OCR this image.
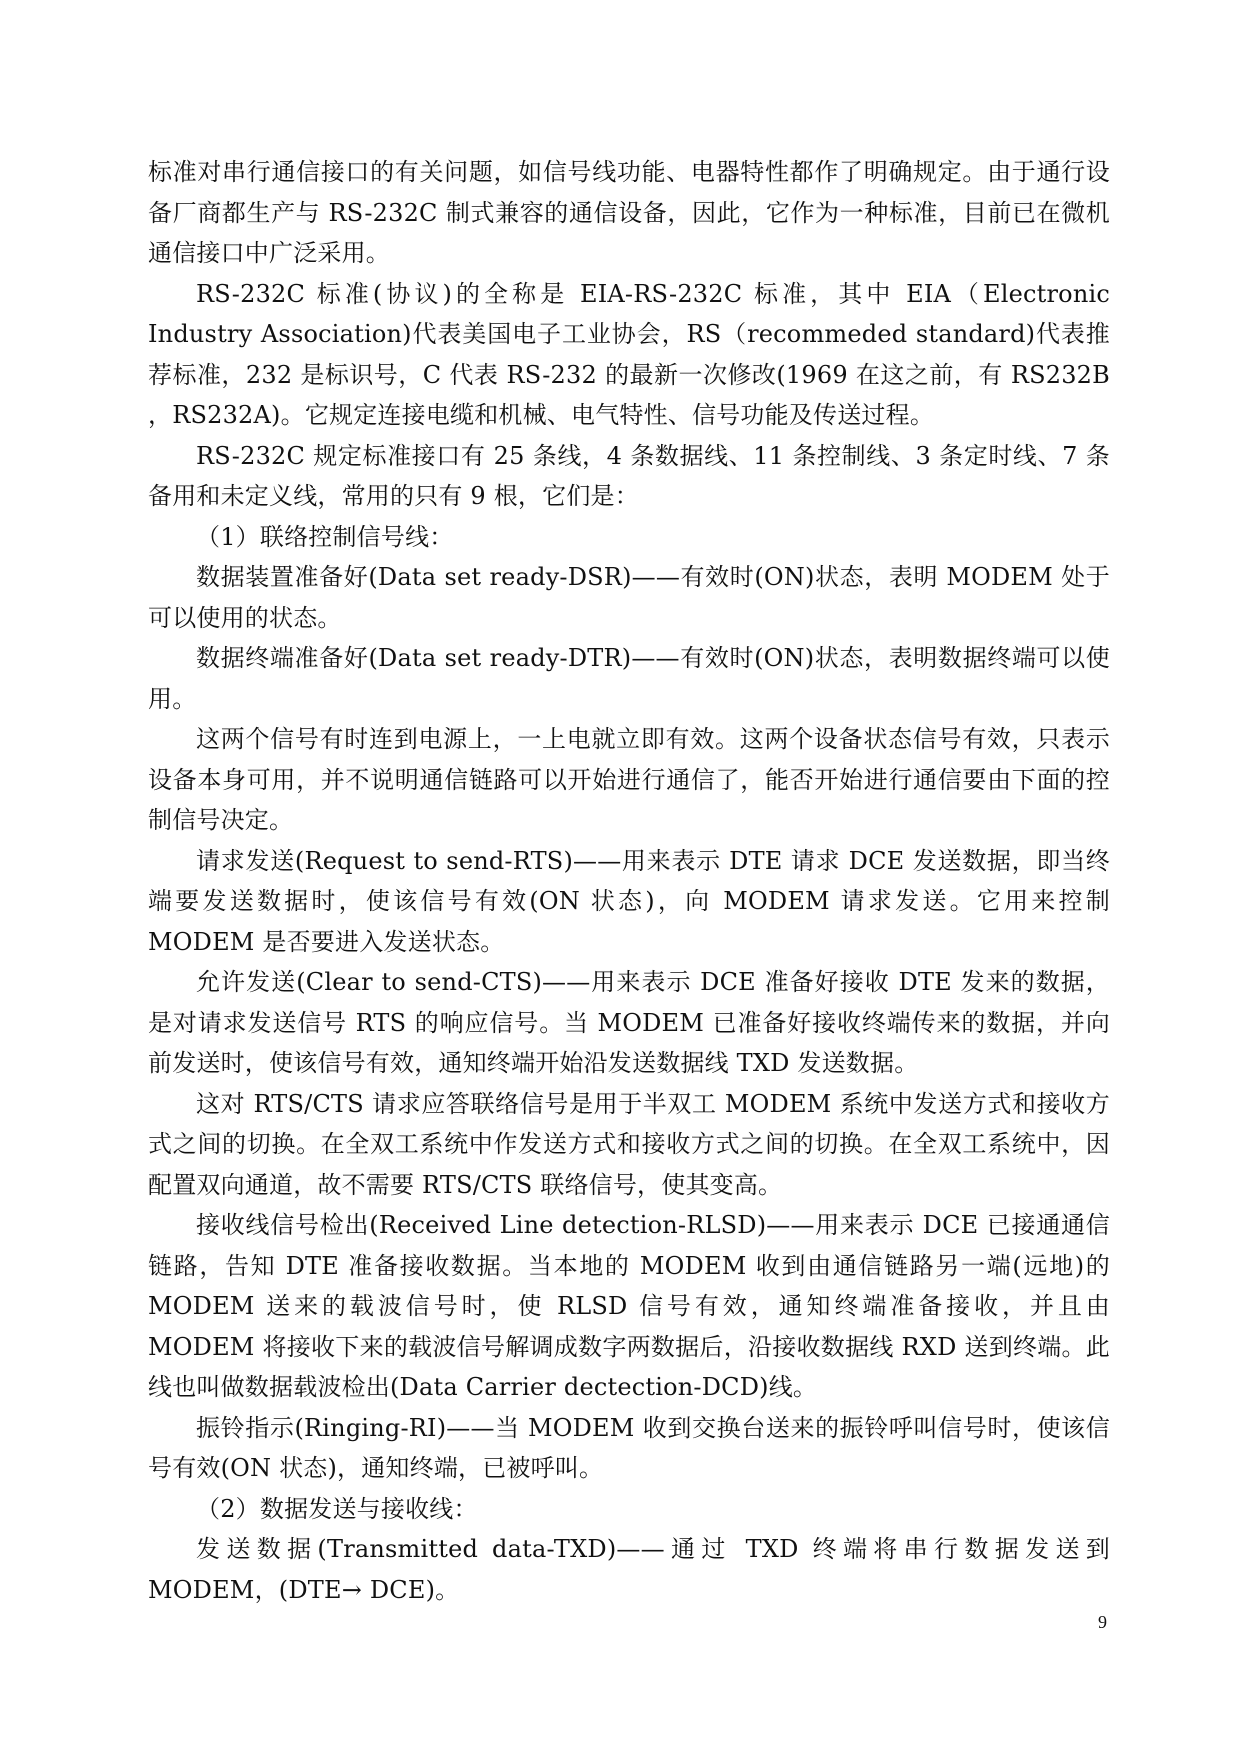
标准对串行通信接口的有关问题，如信号线功能、电器特性都作了明确规定。由于通行设备厂商都生产与 RS-232C 制式兼容的通信设备，因此，它作为一种标准，目前已在微机通信接口中广泛采用。

RS-232C 标准(协议)的全称是 EIA-RS-232C 标准，其中 EIA（Electronic Industry Association)代表美国电子工业协会，RS（recommeded standard)代表推荐标准，232 是标识号，C 代表 RS-232 的最新一次修改(1969 在这之前，有 RS232B ，RS232A)。它规定连接电缆和机械、电气特性、信号功能及传送过程。

RS-232C 规定标准接口有 25 条线，4 条数据线、11 条控制线、3 条定时线、7 条备用和未定义线，常用的只有 9 根，它们是：

（1）联络控制信号线：

数据装置准备好(Data set ready-DSR)——有效时(ON)状态，表明 MODEM 处于可以使用的状态。

数据终端准备好(Data set ready-DTR)——有效时(ON)状态，表明数据终端可以使用。

这两个信号有时连到电源上，一上电就立即有效。这两个设备状态信号有效，只表示设备本身可用，并不说明通信链路可以开始进行通信了，能否开始进行通信要由下面的控制信号决定。

请求发送(Request to send-RTS)——用来表示 DTE 请求 DCE 发送数据，即当终端要发送数据时，使该信号有效(ON 状态)，向 MODEM 请求发送。它用来控制 MODEM 是否要进入发送状态。

允许发送(Clear to send-CTS)——用来表示 DCE 准备好接收 DTE 发来的数据，是对请求发送信号 RTS 的响应信号。当 MODEM 已准备好接收终端传来的数据，并向前发送时，使该信号有效，通知终端开始沿发送数据线 TXD 发送数据。

这对 RTS/CTS 请求应答联络信号是用于半双工 MODEM 系统中发送方式和接收方式之间的切换。在全双工系统中作发送方式和接收方式之间的切换。在全双工系统中，因配置双向通道，故不需要 RTS/CTS 联络信号，使其变高。

接收线信号检出(Received Line detection-RLSD)——用来表示 DCE 已接通通信链路，告知 DTE 准备接收数据。当本地的 MODEM 收到由通信链路另一端(远地)的 MODEM 送来的载波信号时，使 RLSD 信号有效，通知终端准备接收，并且由 MODEM 将接收下来的载波信号解调成数字两数据后，沿接收数据线 RXD 送到终端。此线也叫做数据载波检出(Data Carrier dectection-DCD)线。

振铃指示(Ringing-RI)——当 MODEM 收到交换台送来的振铃呼叫信号时，使该信号有效(ON 状态)，通知终端，已被呼叫。

（2）数据发送与接收线：

发送数据(Transmitted data-TXD)——通过 TXD 终端将串行数据发送到 MODEM，(DTE→ DCE)。

9
